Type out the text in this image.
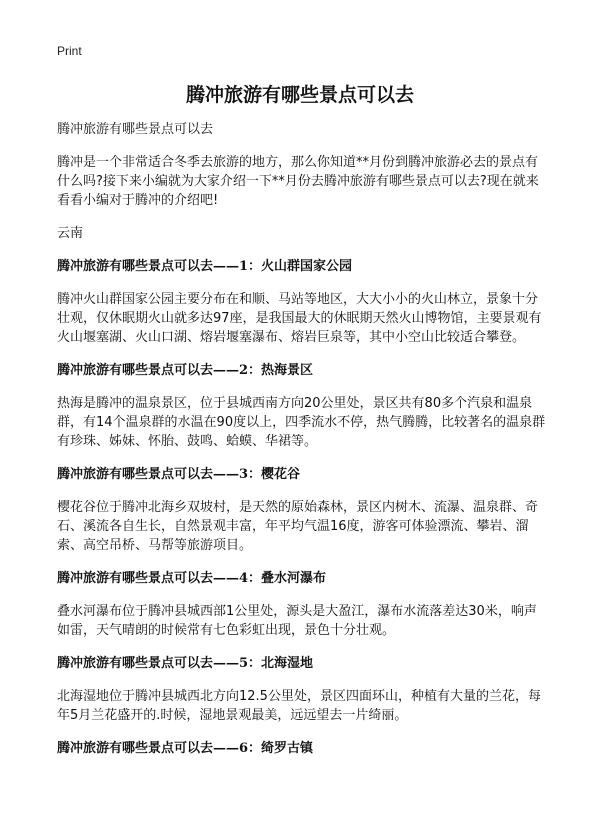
Print
腾冲旅游有哪些景点可以去

腾冲旅游有哪些景点可以去

腾冲是一个非常适合冬季去旅游的地方，那么你知道**月份到腾冲旅游必去的景点有什么吗?接下来小编就为大家介绍一下**月份去腾冲旅游有哪些景点可以去?现在就来看看小编对于腾冲的介绍吧!

云南

腾冲旅游有哪些景点可以去——1：火山群国家公园

腾冲火山群国家公园主要分布在和顺、马站等地区，大大小小的火山林立，景象十分壮观，仅休眠期火山就多达97座，是我国最大的休眠期天然火山博物馆，主要景观有火山堰塞湖、火山口湖、熔岩堰塞瀑布、熔岩巨泉等，其中小空山比较适合攀登。

腾冲旅游有哪些景点可以去——2：热海景区

热海是腾冲的温泉景区，位于县城西南方向20公里处，景区共有80多个汽泉和温泉群，有14个温泉群的水温在90度以上，四季流水不停，热气腾腾，比较著名的温泉群有珍珠、姊妹、怀胎、鼓鸣、蛤蟆、华裙等。

腾冲旅游有哪些景点可以去——3：樱花谷

樱花谷位于腾冲北海乡双坡村，是天然的原始森林，景区内树木、流瀑、温泉群、奇石、溪流各自生长，自然景观丰富，年平均气温16度，游客可体验漂流、攀岩、溜索、高空吊桥、马帮等旅游项目。

腾冲旅游有哪些景点可以去——4：叠水河瀑布

叠水河瀑布位于腾冲县城西部1公里处，源头是大盈江，瀑布水流落差达30米，响声如雷，天气晴朗的时候常有七色彩虹出现，景色十分壮观。

腾冲旅游有哪些景点可以去——5：北海湿地

北海湿地位于腾冲县城西北方向12.5公里处，景区四面环山，种植有大量的兰花，每年5月兰花盛开的.时候，湿地景观最美，远远望去一片绮丽。

腾冲旅游有哪些景点可以去——6：绮罗古镇
